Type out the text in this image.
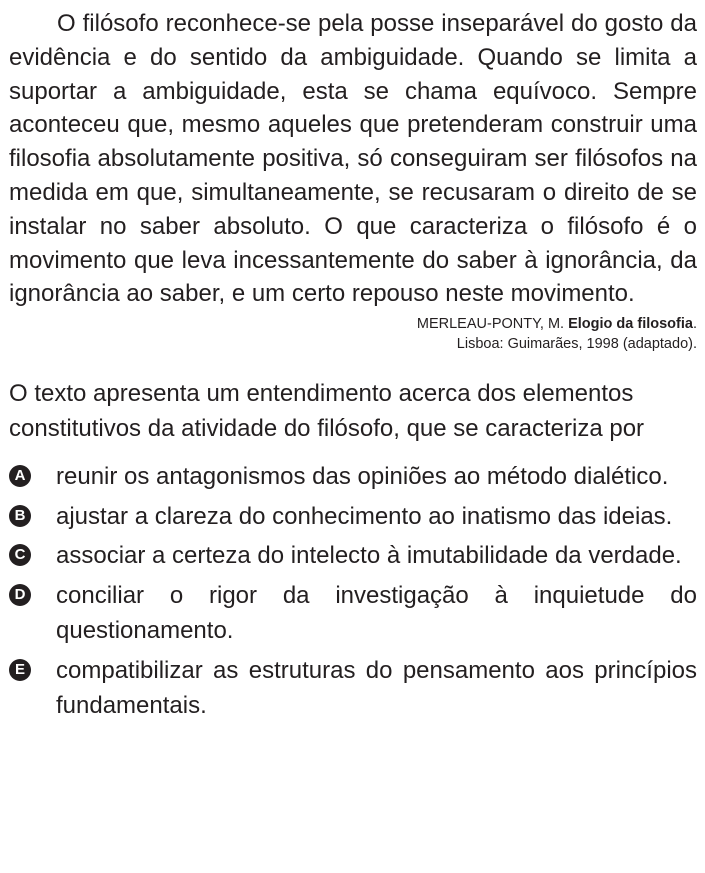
O filósofo reconhece-se pela posse inseparável do gosto da evidência e do sentido da ambiguidade. Quando se limita a suportar a ambiguidade, esta se chama equívoco. Sempre aconteceu que, mesmo aqueles que pretenderam construir uma filosofia absolutamente positiva, só conseguiram ser filósofos na medida em que, simultaneamente, se recusaram o direito de se instalar no saber absoluto. O que caracteriza o filósofo é o movimento que leva incessantemente do saber à ignorância, da ignorância ao saber, e um certo repouso neste movimento.

MERLEAU-PONTY, M. Elogio da filosofia.
Lisboa: Guimarães, 1998 (adaptado).

O texto apresenta um entendimento acerca dos elementos constitutivos da atividade do filósofo, que se caracteriza por

A reunir os antagonismos das opiniões ao método dialético.
B ajustar a clareza do conhecimento ao inatismo das ideias.
C associar a certeza do intelecto à imutabilidade da verdade.
D conciliar o rigor da investigação à inquietude do questionamento.
E compatibilizar as estruturas do pensamento aos princípios fundamentais.
